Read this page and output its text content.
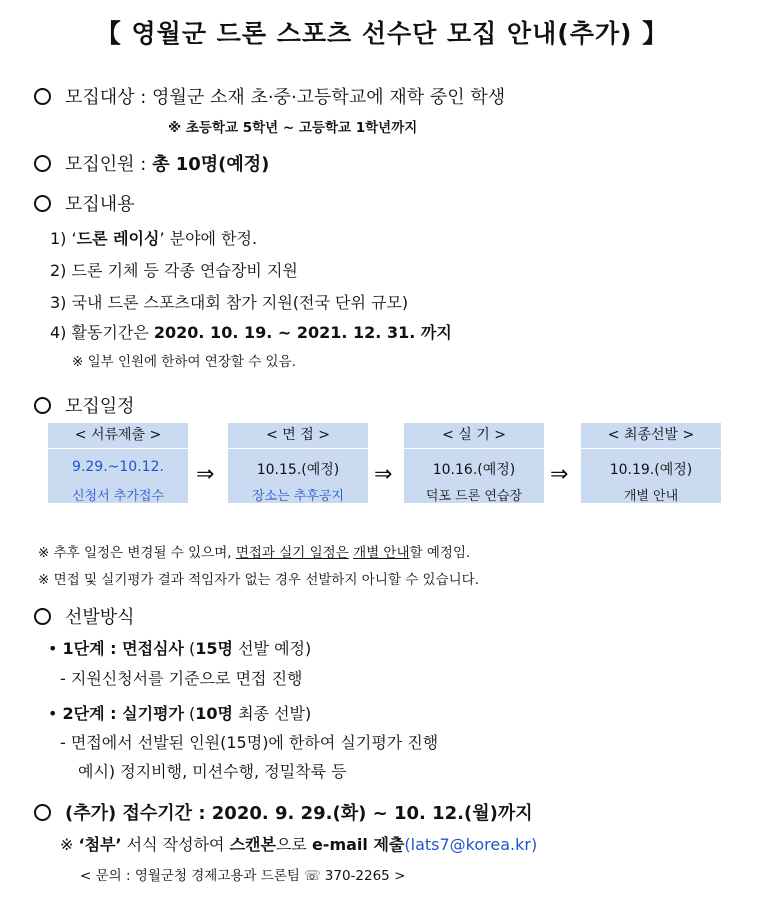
【 영월군 드론 스포츠 선수단 모집 안내(추가) 】
모집대상 : 영월군 소재 초·중·고등학교에 재학 중인 학생
※ 초등학교 5학년 ~ 고등학교 1학년까지
모집인원 : 총 10명(예정)
모집내용
1) ‘드론 레이싱’ 분야에 한정.
2) 드론 기체 등 각종 연습장비 지원
3) 국내 드론 스포츠대회 참가 지원(전국 단위 규모)
4) 활동기간은 2020. 10. 19. ~ 2021. 12. 31. 까지
※ 일부 인원에 한하여 연장할 수 있음.
모집일정
< 서류제출 >
9.29.~10.12.
신청서 추가접수
⇒
< 면 접 >
10.15.(예정)
장소는 추후공지
⇒
< 실 기 >
10.16.(예정)
덕포 드론 연습장
⇒
< 최종선발 >
10.19.(예정)
개별 안내
※ 추후 일정은 변경될 수 있으며, 면접과 실기 일정은 개별 안내할 예정임.
※ 면접 및 실기평가 결과 적임자가 없는 경우 선발하지 아니할 수 있습니다.
선발방식
• 1단계 : 면접심사 (15명 선발 예정)
- 지원신청서를 기준으로 면접 진행
• 2단계 : 실기평가 (10명 최종 선발)
- 면접에서 선발된 인원(15명)에 한하여 실기평가 진행
예시) 정지비행, 미션수행, 정밀착륙 등
(추가) 접수기간 : 2020. 9. 29.(화) ~ 10. 12.(월)까지
※ ‘첨부’ 서식 작성하여 스캔본으로 e-mail 제출(lats7@korea.kr)
< 문의 : 영월군청 경제고용과 드론팀 ☏ 370-2265 >
